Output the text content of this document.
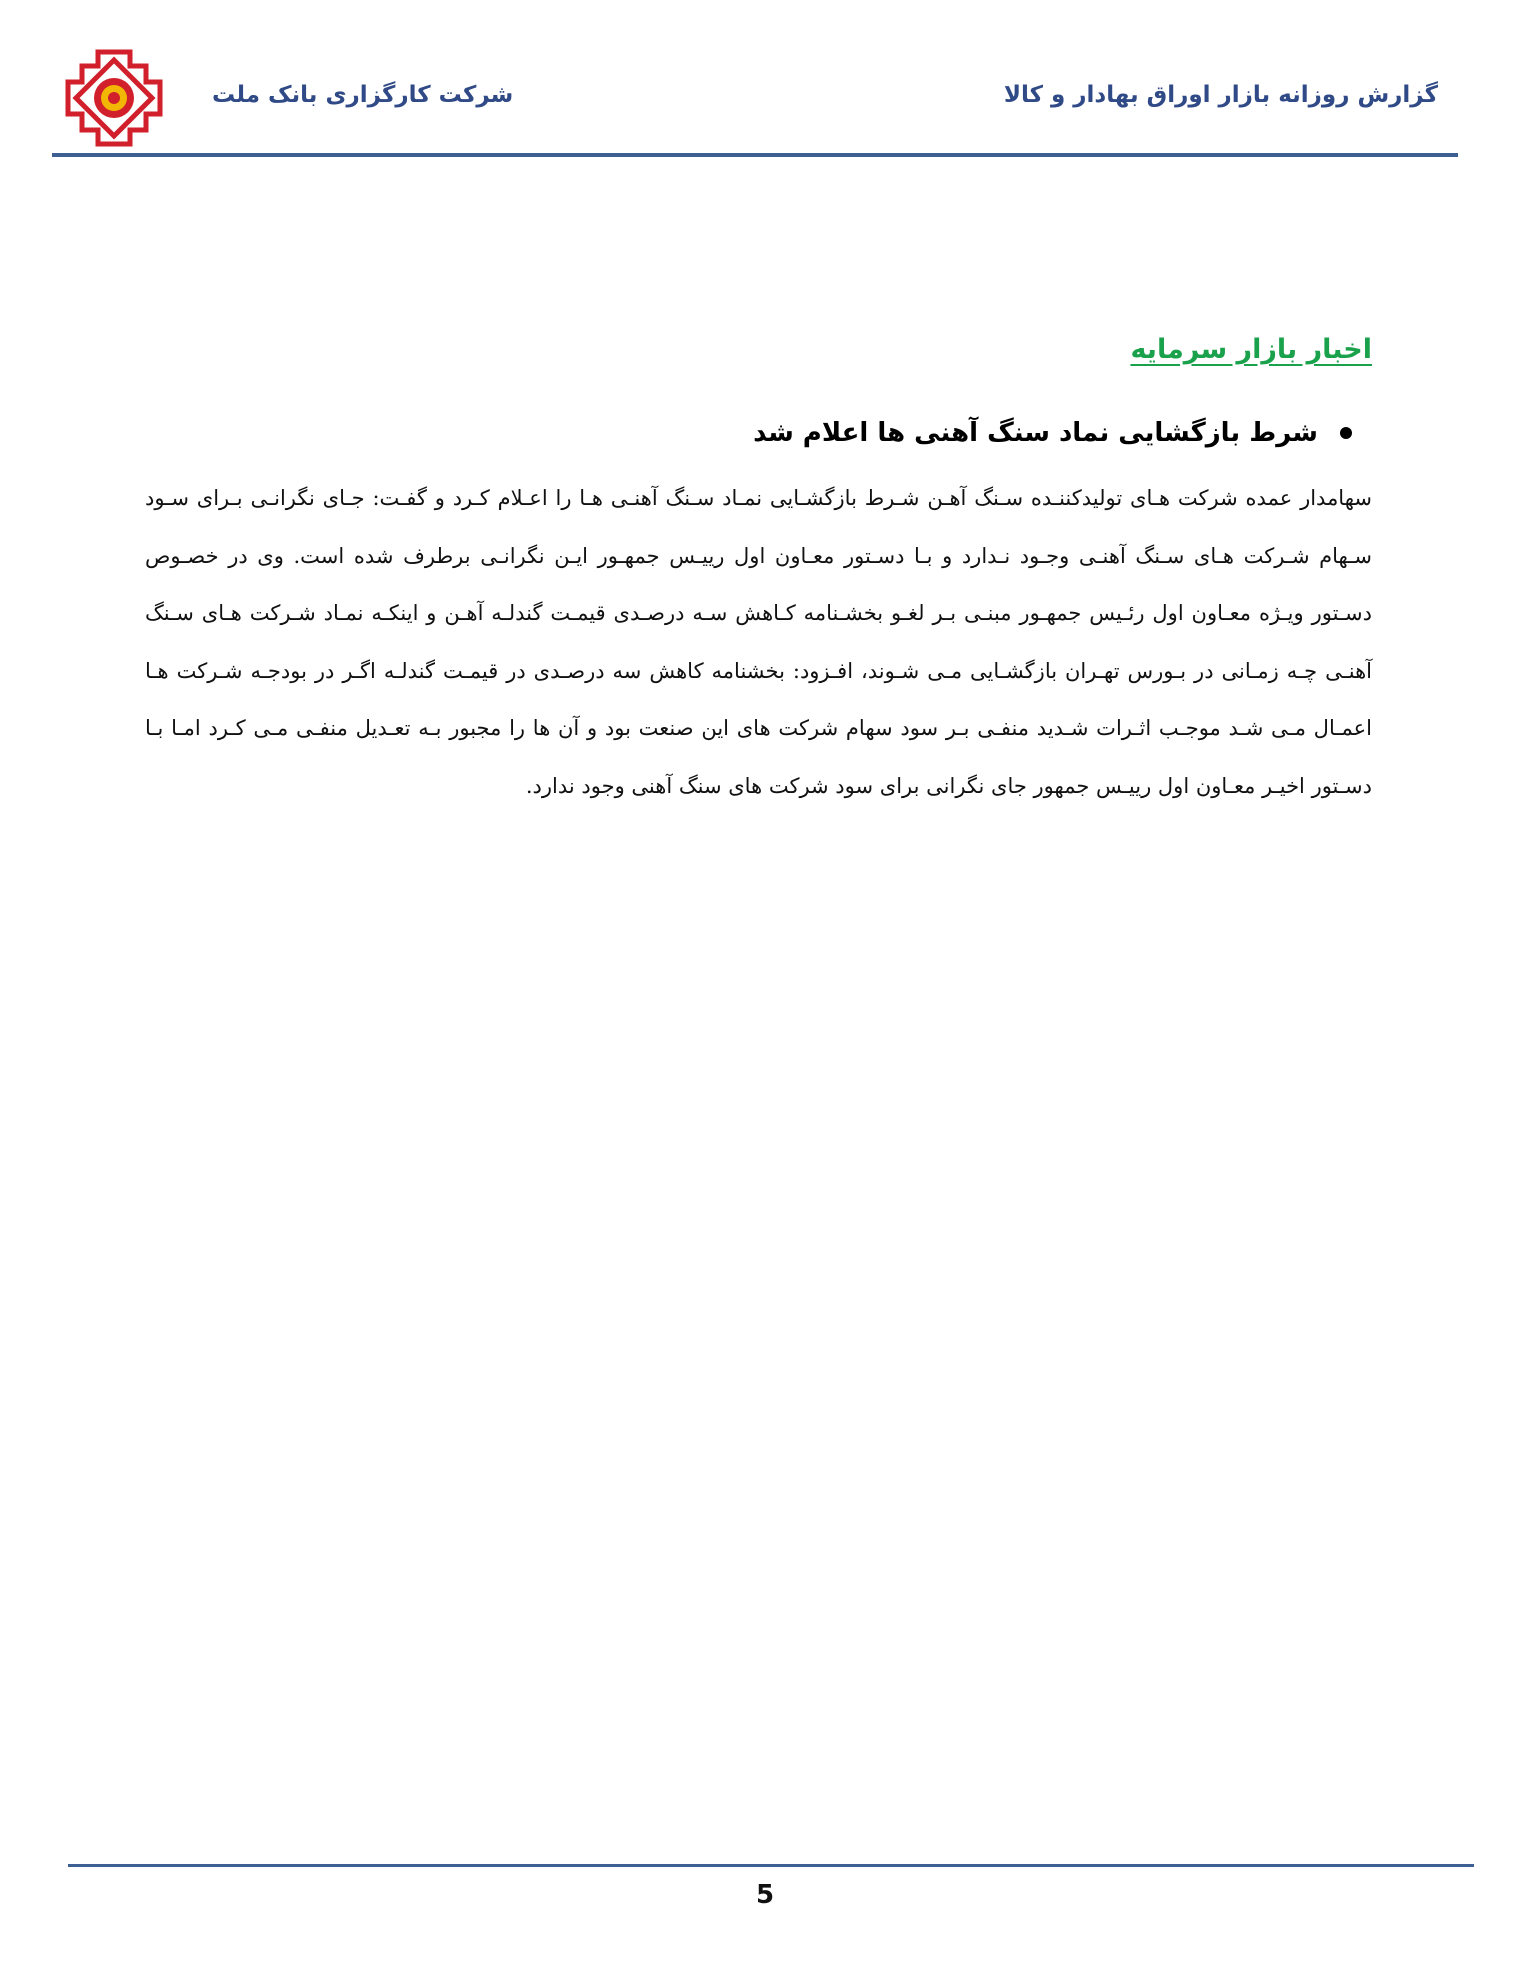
گزارش روزانه بازار اوراق بهادار و کالا
شرکت کارگزاری بانک ملت
اخبار بازار سرمایه
شرط بازگشایی نماد سنگ آهنی ها اعلام شد
سهامدار عمده شرکت هـای تولیدکننـده سـنگ آهـن شـرط بازگشـایی نمـاد سـنگ آهنـی هـا را اعـلام کـرد و گفـت: جـای نگرانـی بـرای سـود سـهام شـرکت هـای سـنگ آهنـی وجـود نـدارد و بـا دسـتور معـاون اول رییـس جمهـور ایـن نگرانـی برطرف شده است. وی در خصـوص دسـتور ویـژه معـاون اول رئـیس جمهـور مبنـی بـر لغـو بخشـنامه کـاهش سـه درصـدی قیمـت گندلـه آهـن و اینکـه نمـاد شـرکت هـای سـنگ آهنـی چـه زمـانی در بـورس تهـران بازگشـایی مـی شـوند، افـزود: بخشنامه کاهش سه درصـدی در قیمـت گندلـه اگـر در بودجـه شـرکت هـا اعمـال مـی شـد موجـب اثـرات شـدید منفـی بـر سود سهام شرکت های این صنعت بود و آن ها را مجبور بـه تعـدیل منفـی مـی کـرد امـا بـا دسـتور اخیـر معـاون اول رییـس جمهور جای نگرانی برای سود شرکت های سنگ آهنی وجود ندارد.
5
